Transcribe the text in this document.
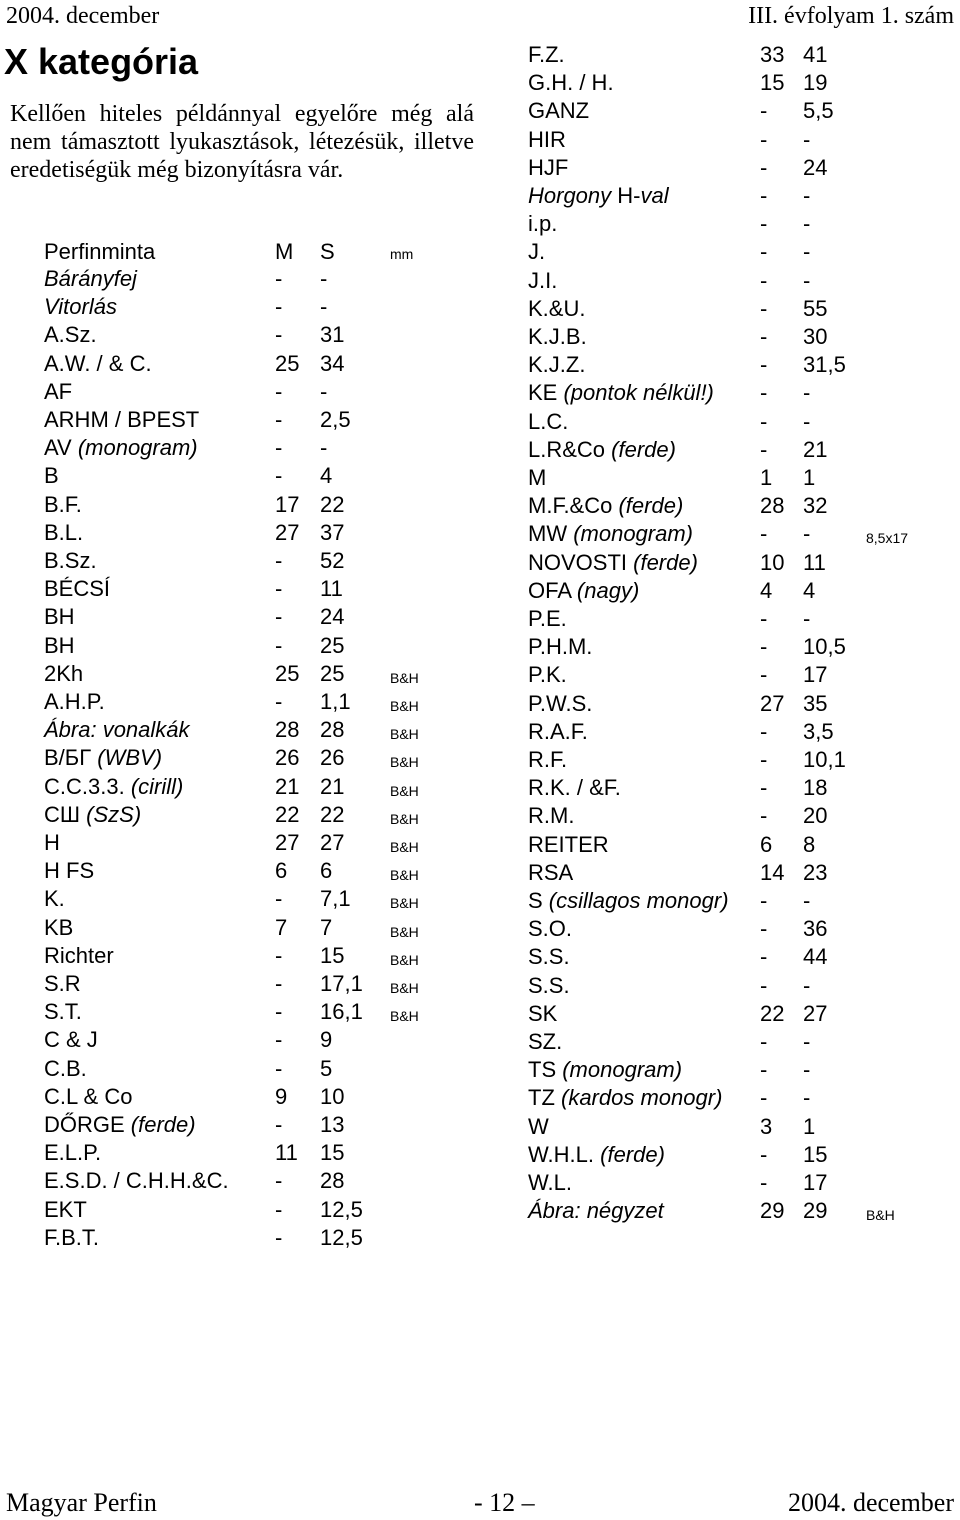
2004. december	III. évfolyam 1. szám
X kategória

Kellően hiteles példánnyal egyelőre még alá nem támasztott lyukasztások, létezésük, illetve eredetiségük még bizonyításra vár.

Perfinminta	M S	mm
Bárányfej	- -
Vitorlás	- -
A.Sz.	- 31
A.W. / & C.	25 34
AF	- -
ARHM / BPEST	- 2,5
AV (monogram)	- -
B	- 4
B.F.	17 22
B.L.	27 37
B.Sz.	- 52
BÉCSÍ	- 11
BH	- 24
BH	- 25
2Kh	25 25	B&H
A.H.P.	- 1,1	B&H
Ábra: vonalkák	28 28	B&H
В/БГ (WBV)	26 26	B&H
C.C.3.3. (cirill)	21 21	B&H
СШ (SzS)	22 22	B&H
H	27 27	B&H
H FS	6 6	B&H
K.	- 7,1	B&H
KB	7 7	B&H
Richter	- 15	B&H
S.R	- 17,1 B&H
S.T.	- 16,1 B&H
C & J	- 9
C.B.	- 5
C.L & Co	9 10
DŐRGE (ferde)	- 13
E.L.P.	11 15
E.S.D. / C.H.H.&C. - 28
EKT	- 12,5
F.B.T.	- 12,5
F.Z.	33 41
G.H. / H.	15 19
GANZ	- 5,5
HIR	- -
HJF	- 24
Horgony H-val	- -
i.p.	- -
J.	- -
J.I.	- -
K.&U.	- 55
K.J.B.	- 30
K.J.Z.	- 31,5
KE (pontok nélkül!) - -
L.C.	- -
L.R&Co (ferde)	- 21
M	1 1
M.F.&Co (ferde)	28 32
MW (monogram)	- -	8,5x17
NOVOSTI (ferde)	10 11
OFA (nagy)	4 4
P.E.	- -
P.H.M.	- 10,5
P.K.	- 17
P.W.S.	27 35
R.A.F.	- 3,5
R.F.	- 10,1
R.K. / &F.	- 18
R.M.	- 20
REITER	6 8
RSA	14 23
S (csillagos monogr) - -
S.O.	- 36
S.S.	- 44
S.S.	- -
SK	22 27
SZ.	- -
TS (monogram)	- -
TZ (kardos monogr) - -
W	3 1
W.H.L. (ferde)	- 15
W.L.	- 17
Ábra: négyzet	29 29	B&H
Magyar Perfin	- 12 –	2004. december
